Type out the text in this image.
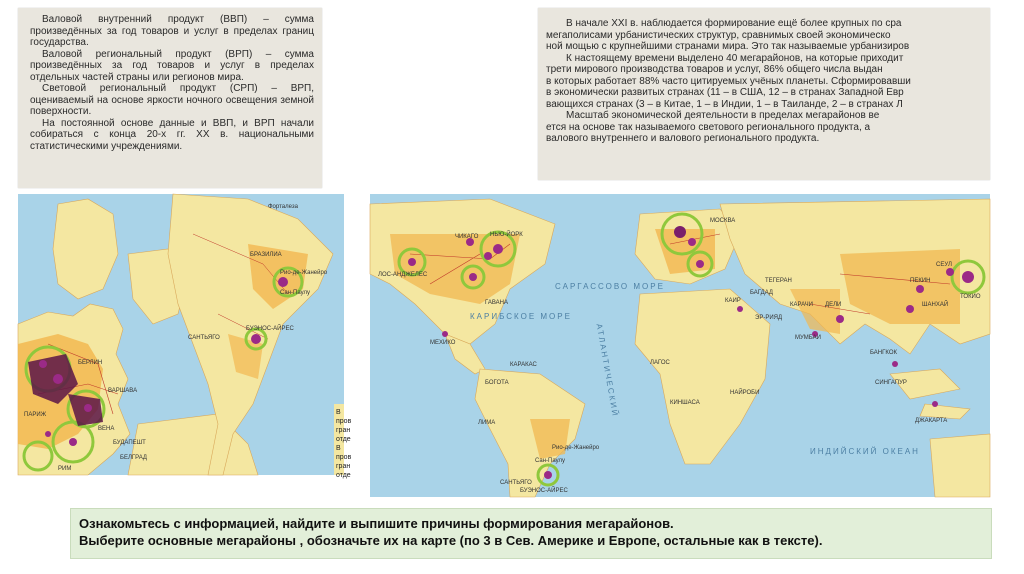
Валовой внутренний продукт (ВВП) – сумма произведённых за год товаров и услуг в пределах границ государства.

Валовой региональный продукт (ВРП) – сумма произведённых за год товаров и услуг в пределах отдельных частей страны или регионов мира.

Световой региональный продукт (СРП) – ВРП, оцениваемый на основе яркости ночного освещения земной поверхности.

На постоянной основе данные и ВВП, и ВРП начали собираться с конца 20-х гг. XX в. национальными статистическими учреждениями.

В начале XXI в. наблюдается формирование ещё более крупных по сра

мегаполисами урбанистических структур, сравнимых своей экономическо

ной мощью с крупнейшими странами мира. Это так называемые урбанизиров

К настоящему времени выделено 40 мегарайонов, на которые приходит

трети мирового производства товаров и услуг, 86% общего числа выдан

в которых работает 88% часто цитируемых учёных планеты. Сформировавши

в экономически развитых странах (11 – в США, 12 – в странах Западной Евр

вающихся странах (3 – в Китае, 1 – в Индии, 1 – в Таиланде, 2 – в странах Л

Масштаб экономической деятельности в пределах мегарайонов ве

ется на основе так называемого светового регионального продукта, а

валового внутреннего и валового регионального продукта.

Форталеза
БРАЗИЛИА
Рио-де-Жанейро
Сан-Паулу
БУЭНОС-АЙРЕС
САНТЬЯГО
БЕРЛИН
ВАРШАВА
ПАРИЖ
ВЕНА
БУДАПЕШТ
БЕЛГРАД
РИМ
В
пров
гран
отде
В
пров
гран
отде
САРГАССОВО МОРЕ
КАРИБСКОЕ МОРЕ
АТЛАНТИЧЕСКИЙ
ИНДИЙСКИЙ ОКЕАН
НЬЮ-ЙОРК
ЧИКАГО
ЛОС-АНДЖЕЛЕС
МЕХИКО
ГАВАНА
КАРАКАС
БОГОТА
ЛИМА
САНТЬЯГО
Рио-де-Жанейро
Сан-Паулу
БУЭНОС-АЙРЕС
МОСКВА
КАИР
БАГДАД
ТЕГЕРАН
ЭР-РИЯД
КАРАЧИ ДЕЛИ
МУМБАИ
БАНГКОК
СИНГАПУР
ДЖАКАРТА
ПЕКИН
ШАНХАЙ
СЕУЛ
ТОКИО
ЛАГОС
КИНШАСА
НАЙРОБИ

Ознакомьтесь с информацией, найдите и выпишите причины формирования мегарайонов.

Выберите основные мегарайоны , обозначьте их на карте (по 3 в Сев. Америке и Европе, остальные как в тексте).
